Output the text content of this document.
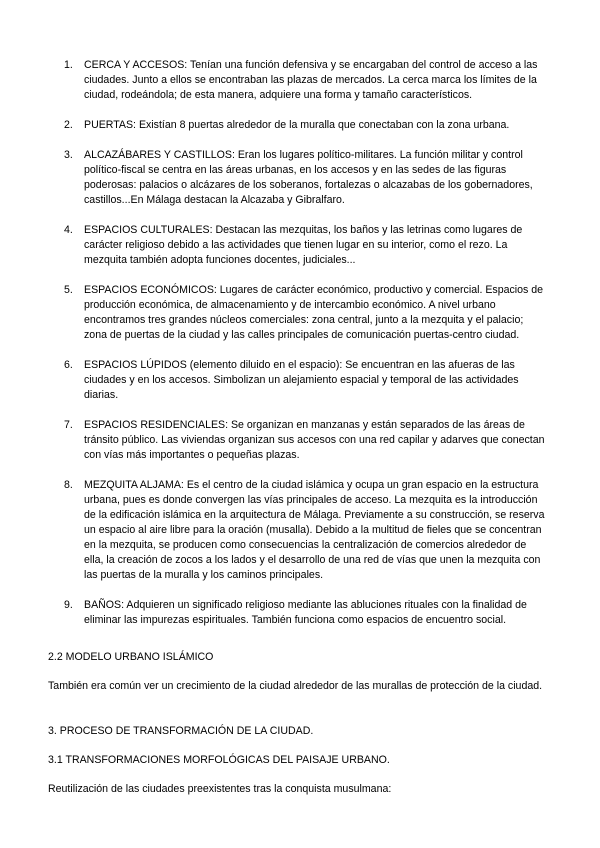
1. CERCA Y ACCESOS: Tenían una función defensiva y se encargaban del control de acceso a las ciudades. Junto a ellos se encontraban las plazas de mercados. La cerca marca los límites de la ciudad, rodeándola; de esta manera, adquiere una forma y tamaño característicos.
2. PUERTAS: Existían 8 puertas alrededor de la muralla que conectaban con la zona urbana.
3. ALCAZÁBARES Y CASTILLOS: Eran los lugares político-militares. La función militar y control político-fiscal se centra en las áreas urbanas, en los accesos y en las sedes de las figuras poderosas: palacios o alcázares de los soberanos, fortalezas o alcazabas de los gobernadores, castillos...En Málaga destacan la Alcazaba y Gibralfaro.
4. ESPACIOS CULTURALES: Destacan las mezquitas, los baños y las letrinas como lugares de carácter religioso debido a las actividades que tienen lugar en su interior, como el rezo. La mezquita también adopta funciones docentes, judiciales...
5. ESPACIOS ECONÓMICOS: Lugares de carácter económico, productivo y comercial. Espacios de producción económica, de almacenamiento y de intercambio económico. A nivel urbano encontramos tres grandes núcleos comerciales: zona central, junto a la mezquita y el palacio; zona de puertas de la ciudad y las calles principales de comunicación puertas-centro ciudad.
6. ESPACIOS LÚPIDOS (elemento diluido en el espacio): Se encuentran en las afueras de las ciudades y en los accesos. Simbolizan un alejamiento espacial y temporal de las actividades diarias.
7. ESPACIOS RESIDENCIALES: Se organizan en manzanas y están separados de las áreas de tránsito público. Las viviendas organizan sus accesos con una red capilar y adarves que conectan con vías más importantes o pequeñas plazas.
8. MEZQUITA ALJAMA: Es el centro de la ciudad islámica y ocupa un gran espacio en la estructura urbana, pues es donde convergen las vías principales de acceso. La mezquita es la introducción de la edificación islámica en la arquitectura de Málaga. Previamente a su construcción, se reserva un espacio al aire libre para la oración (musalla). Debido a la multitud de fieles que se concentran en la mezquita, se producen como consecuencias la centralización de comercios alrededor de ella, la creación de zocos a los lados y el desarrollo de una red de vías que unen la mezquita con las puertas de la muralla y los caminos principales.
9. BAÑOS: Adquieren un significado religioso mediante las abluciones rituales con la finalidad de eliminar las impurezas espirituales. También funciona como espacios de encuentro social.
2.2 MODELO URBANO ISLÁMICO
También era común ver un crecimiento de la ciudad alrededor de las murallas de protección de la ciudad.
3. PROCESO DE TRANSFORMACIÓN DE LA CIUDAD.
3.1 TRANSFORMACIONES MORFOLÓGICAS DEL PAISAJE URBANO.
Reutilización de las ciudades preexistentes tras la conquista musulmana:
